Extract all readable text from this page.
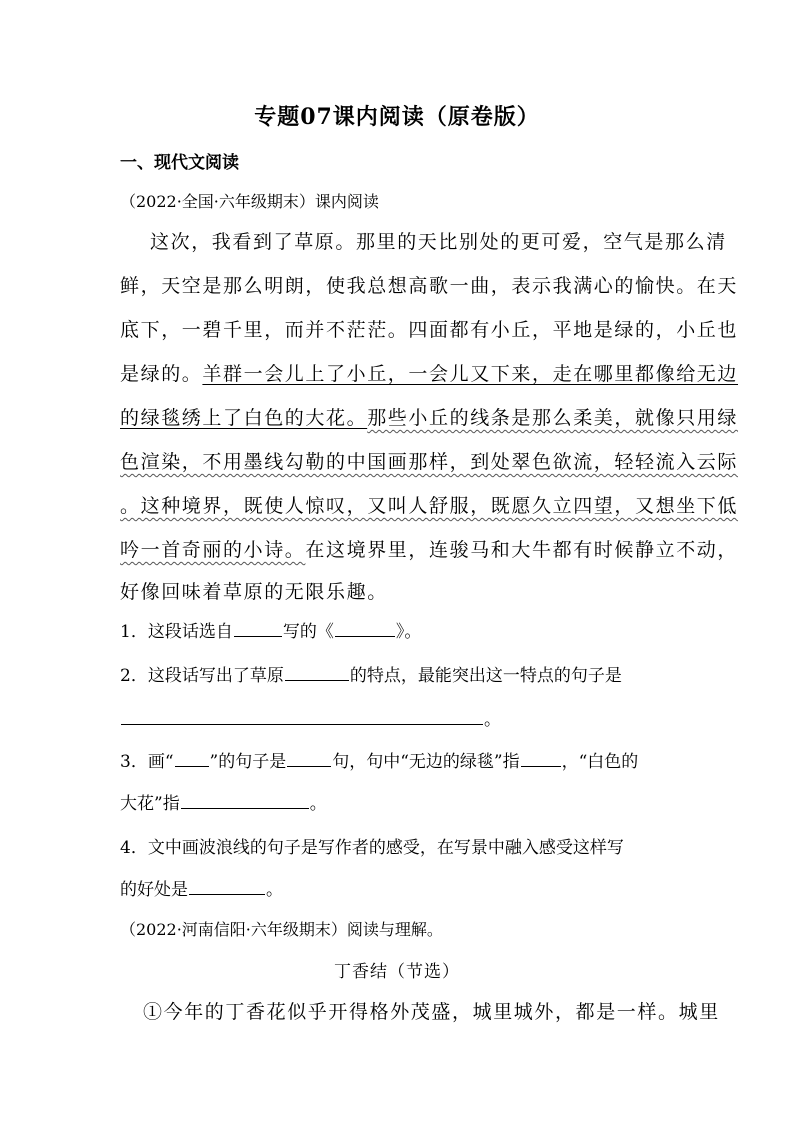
专题07课内阅读（原卷版）
一、现代文阅读
（2022·全国·六年级期末）课内阅读
这次，我看到了草原。那里的天比别处的更可爱，空气是那么清
鲜，天空是那么明朗，使我总想高歌一曲，表示我满心的愉快。在天
底下，一碧千里，而并不茫茫。四面都有小丘，平地是绿的，小丘也
是绿的。羊群一会儿上了小丘，一会儿又下来，走在哪里都像给无边
的绿毯绣上了白色的大花。那些小丘的线条是那么柔美，就像只用绿
色渲染，不用墨线勾勒的中国画那样，到处翠色欲流，轻轻流入云际
。这种境界，既使人惊叹，又叫人舒服，既愿久立四望，又想坐下低
吟一首奇丽的小诗。在这境界里，连骏马和大牛都有时候静立不动，
好像回味着草原的无限乐趣。
1．这段话选自	写的《	》。
2．这段话写出了草原	的特点，最能突出这一特点的句子是
。
3．画“ ”的句子是	句，句中“无边的绿毯”指 ，“白色的
大花”指	。
4．文中画波浪线的句子是写作者的感受，在写景中融入感受这样写
的好处是	。
（2022·河南信阳·六年级期末）阅读与理解。
丁香结（节选）
①今年的丁香花似乎开得格外茂盛，城里城外，都是一样。城里
